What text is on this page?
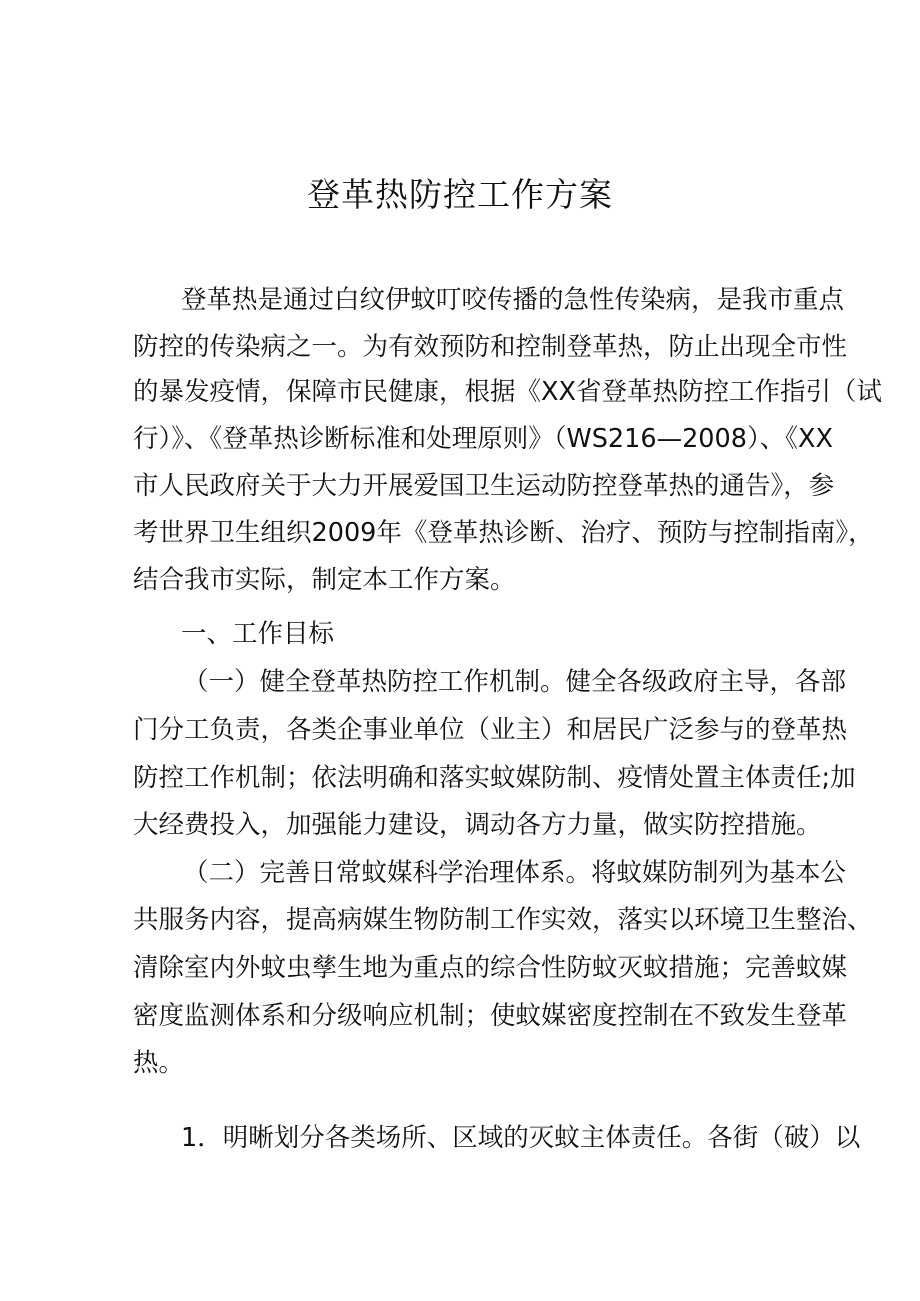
登革热防控工作方案

登革热是通过白纹伊蚊叮咬传播的急性传染病，是我市重点

防控的传染病之一。为有效预防和控制登革热，防止出现全市性

的暴发疫情，保障市民健康，根据《XX省登革热防控工作指引（试

行）》、《登革热诊断标准和处理原则》（WS216—2008）、《XX

市人民政府关于大力开展爱国卫生运动防控登革热的通告》，参

考世界卫生组织2009年《登革热诊断、治疗、预防与控制指南》，

结合我市实际，制定本工作方案。

一、工作目标

（一）健全登革热防控工作机制。健全各级政府主导，各部

门分工负责，各类企事业单位（业主）和居民广泛参与的登革热

防控工作机制；依法明确和落实蚊媒防制、疫情处置主体责任;加

大经费投入，加强能力建设，调动各方力量，做实防控措施。

（二）完善日常蚊媒科学治理体系。将蚊媒防制列为基本公

共服务内容，提高病媒生物防制工作实效，落实以环境卫生整治、

清除室内外蚊虫孳生地为重点的综合性防蚊灭蚊措施；完善蚊媒

密度监测体系和分级响应机制；使蚊媒密度控制在不致发生登革

热。

1．明晰划分各类场所、区域的灭蚊主体责任。各街（破）以
